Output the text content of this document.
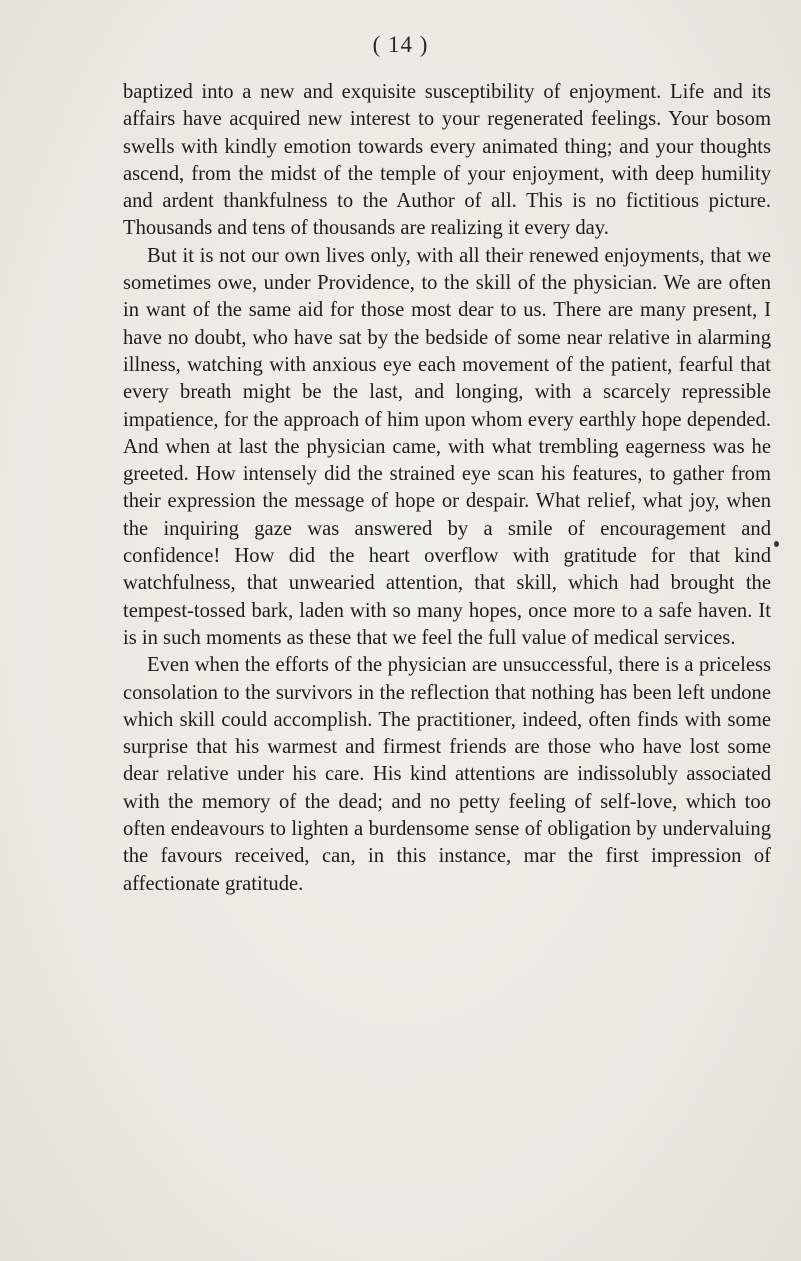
( 14 )

baptized into a new and exquisite susceptibility of enjoyment. Life and its affairs have acquired new interest to your regenerated feelings. Your bosom swells with kindly emotion towards every animated thing; and your thoughts ascend, from the midst of the temple of your enjoyment, with deep humility and ardent thankfulness to the Author of all. This is no fictitious picture. Thousands and tens of thousands are realizing it every day.

But it is not our own lives only, with all their renewed enjoyments, that we sometimes owe, under Providence, to the skill of the physician. We are often in want of the same aid for those most dear to us. There are many present, I have no doubt, who have sat by the bedside of some near relative in alarming illness, watching with anxious eye each movement of the patient, fearful that every breath might be the last, and longing, with a scarcely repressible impatience, for the approach of him upon whom every earthly hope depended. And when at last the physician came, with what trembling eagerness was he greeted. How intensely did the strained eye scan his features, to gather from their expression the message of hope or despair. What relief, what joy, when the inquiring gaze was answered by a smile of encouragement and confidence! How did the heart overflow with gratitude for that kind watchfulness, that unwearied attention, that skill, which had brought the tempest-tossed bark, laden with so many hopes, once more to a safe haven. It is in such moments as these that we feel the full value of medical services.

Even when the efforts of the physician are unsuccessful, there is a priceless consolation to the survivors in the reflection that nothing has been left undone which skill could accomplish. The practitioner, indeed, often finds with some surprise that his warmest and firmest friends are those who have lost some dear relative under his care. His kind attentions are indissolubly associated with the memory of the dead; and no petty feeling of self-love, which too often endeavours to lighten a burdensome sense of obligation by undervaluing the favours received, can, in this instance, mar the first impression of affectionate gratitude.
